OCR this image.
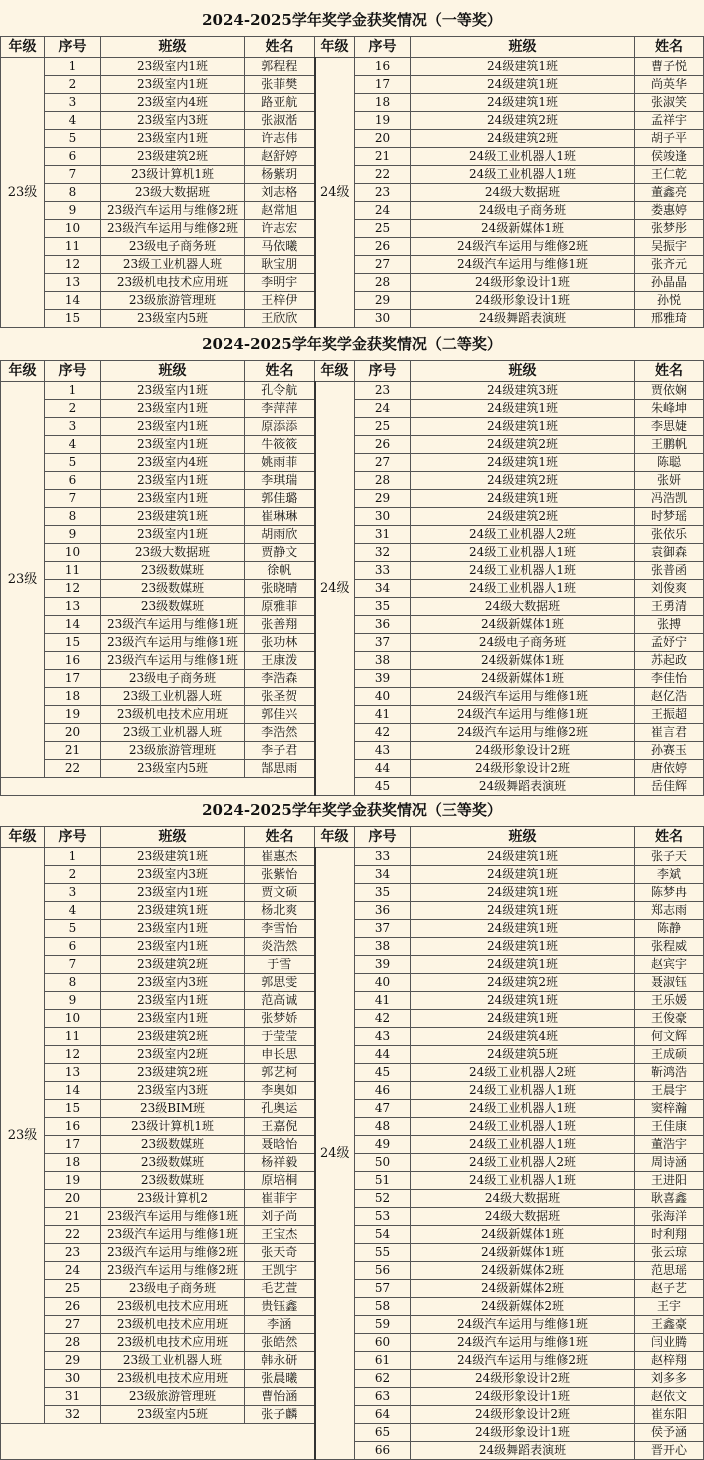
2024-2025学年奖学金获奖情况（一等奖）
年级	序号	班级	姓名	年级	序号	班级	姓名
23级	1	23级室内1班	郭程程	24级	16	24级建筑1班	曹子悦
	2	23级室内1班	张菲樊		17	24级建筑1班	尚英华
	3	23级室内4班	路亚航		18	24级建筑1班	张淑笑
	4	23级室内3班	张淑湉		19	24级建筑2班	孟祥宇
	5	23级室内1班	许志伟		20	24级建筑2班	胡子平
	6	23级建筑2班	赵舒婷		21	24级工业机器人1班	侯竣逢
	7	23级计算机1班	杨紫玥		22	24级工业机器人1班	王仁乾
	8	23级大数据班	刘志格		23	24级大数据班	董鑫亮
	9	23级汽车运用与维修2班	赵常旭		24	24级电子商务班	娄惠婷
	10	23级汽车运用与维修2班	许志宏		25	24级新媒体1班	张梦彤
	11	23级电子商务班	马依曦		26	24级汽车运用与维修2班	吴振宇
	12	23级工业机器人班	耿宝朋		27	24级汽车运用与维修1班	张齐元
	13	23级机电技术应用班	李明宇		28	24级形象设计1班	孙晶晶
	14	23级旅游管理班	王梓伊		29	24级形象设计1班	孙悦
	15	23级室内5班	王欣欣		30	24级舞蹈表演班	邢雅琦
2024-2025学年奖学金获奖情况（二等奖）
年级	序号	班级	姓名	年级	序号	班级	姓名
23级	1	23级室内1班	孔令航	24级	23	24级建筑3班	贾依娴
	2	23级室内1班	李萍萍		24	24级建筑1班	朱峰坤
	3	23级室内1班	原添添		25	24级建筑1班	李思婕
	4	23级室内1班	牛筱筱		26	24级建筑2班	王鹏帆
	5	23级室内4班	姚雨菲		27	24级建筑1班	陈聪
	6	23级室内1班	李琪瑞		28	24级建筑2班	张妍
	7	23级室内1班	郭佳璐		29	24级建筑1班	冯浩凯
	8	23级建筑1班	崔琳琳		30	24级建筑2班	时梦瑶
	9	23级室内1班	胡雨欣		31	24级工业机器人2班	张依乐
	10	23级大数据班	贾静文		32	24级工业机器人1班	袁御森
	11	23级数媒班	徐帆		33	24级工业机器人1班	张普函
	12	23级数媒班	张晓晴		34	24级工业机器人1班	刘俊爽
	13	23级数媒班	原雅菲		35	24级大数据班	王勇清
	14	23级汽车运用与维修1班	张善翔		36	24级新媒体1班	张搏
	15	23级汽车运用与维修1班	张功林		37	24级电子商务班	孟妤宁
	16	23级汽车运用与维修1班	王康泼		38	24级新媒体1班	苏起政
	17	23级电子商务班	李浩森		39	24级新媒体1班	李佳怡
	18	23级工业机器人班	张圣贺		40	24级汽车运用与维修1班	赵亿浩
	19	23级机电技术应用班	郭佳兴		41	24级汽车运用与维修1班	王振超
	20	23级工业机器人班	李浩然		42	24级汽车运用与维修2班	崔言君
	21	23级旅游管理班	李子君		43	24级形象设计2班	孙赛玉
	22	23级室内5班	郜思雨		44	24级形象设计2班	唐依婷
					45	24级舞蹈表演班	岳佳辉
2024-2025学年奖学金获奖情况（三等奖）
年级	序号	班级	姓名	年级	序号	班级	姓名
23级	1	23级建筑1班	崔惠杰	24级	33	24级建筑1班	张子天
	2	23级室内3班	张紫怡		34	24级建筑1班	李斌
	3	23级室内1班	贾文硕		35	24级建筑1班	陈梦冉
	4	23级建筑1班	杨北爽		36	24级建筑1班	郑志雨
	5	23级室内1班	李雪怡		37	24级建筑1班	陈静
	6	23级室内1班	炎浩然		38	24级建筑1班	张程威
	7	23级建筑2班	于雪		39	24级建筑1班	赵宾宇
	8	23级室内3班	郭思雯		40	24级建筑2班	聂淑钰
	9	23级室内1班	范高诚		41	24级建筑1班	王乐媛
	10	23级室内1班	张梦娇		42	24级建筑1班	王俊豪
	11	23级建筑2班	于莹莹		43	24级建筑4班	何文辉
	12	23级室内2班	申长思		44	24级建筑5班	王成硕
	13	23级建筑2班	郭艺柯		45	24级工业机器人2班	靳鸿浩
	14	23级室内3班	李奥如		46	24级工业机器人1班	王晨宇
	15	23级BIM班	孔奥运		47	24级工业机器人1班	窦梓瀚
	16	23级计算机1班	王嘉倪		48	24级工业机器人1班	王佳康
	17	23级数媒班	聂晗怡		49	24级工业机器人1班	董浩宇
	18	23级数媒班	杨祥毅		50	24级工业机器人2班	周诗涵
	19	23级数媒班	原培桐		51	24级工业机器人1班	王进阳
	20	23级计算机2	崔菲宇		52	24级大数据班	耿喜鑫
	21	23级汽车运用与维修1班	刘子尚		53	24级大数据班	张海洋
	22	23级汽车运用与维修1班	王宝杰		54	24级新媒体1班	时利翔
	23	23级汽车运用与维修2班	张天奇		55	24级新媒体1班	张云琼
	24	23级汽车运用与维修2班	王凯宇		56	24级新媒体2班	范思瑶
	25	23级电子商务班	毛艺萱		57	24级新媒体2班	赵子艺
	26	23级机电技术应用班	贵钰鑫		58	24级新媒体2班	王宇
	27	23级机电技术应用班	李涵		59	24级汽车运用与维修1班	王鑫豪
	28	23级机电技术应用班	张皓然		60	24级汽车运用与维修1班	闫业腾
	29	23级工业机器人班	韩永研		61	24级汽车运用与维修2班	赵梓翔
	30	23级机电技术应用班	张晨曦		62	24级形象设计2班	刘多多
	31	23级旅游管理班	曹怡涵		63	24级形象设计1班	赵依文
	32	23级室内5班	张子麟		64	24级形象设计2班	崔东阳
					65	24级形象设计1班	侯予涵
					66	24级舞蹈表演班	晋开心
